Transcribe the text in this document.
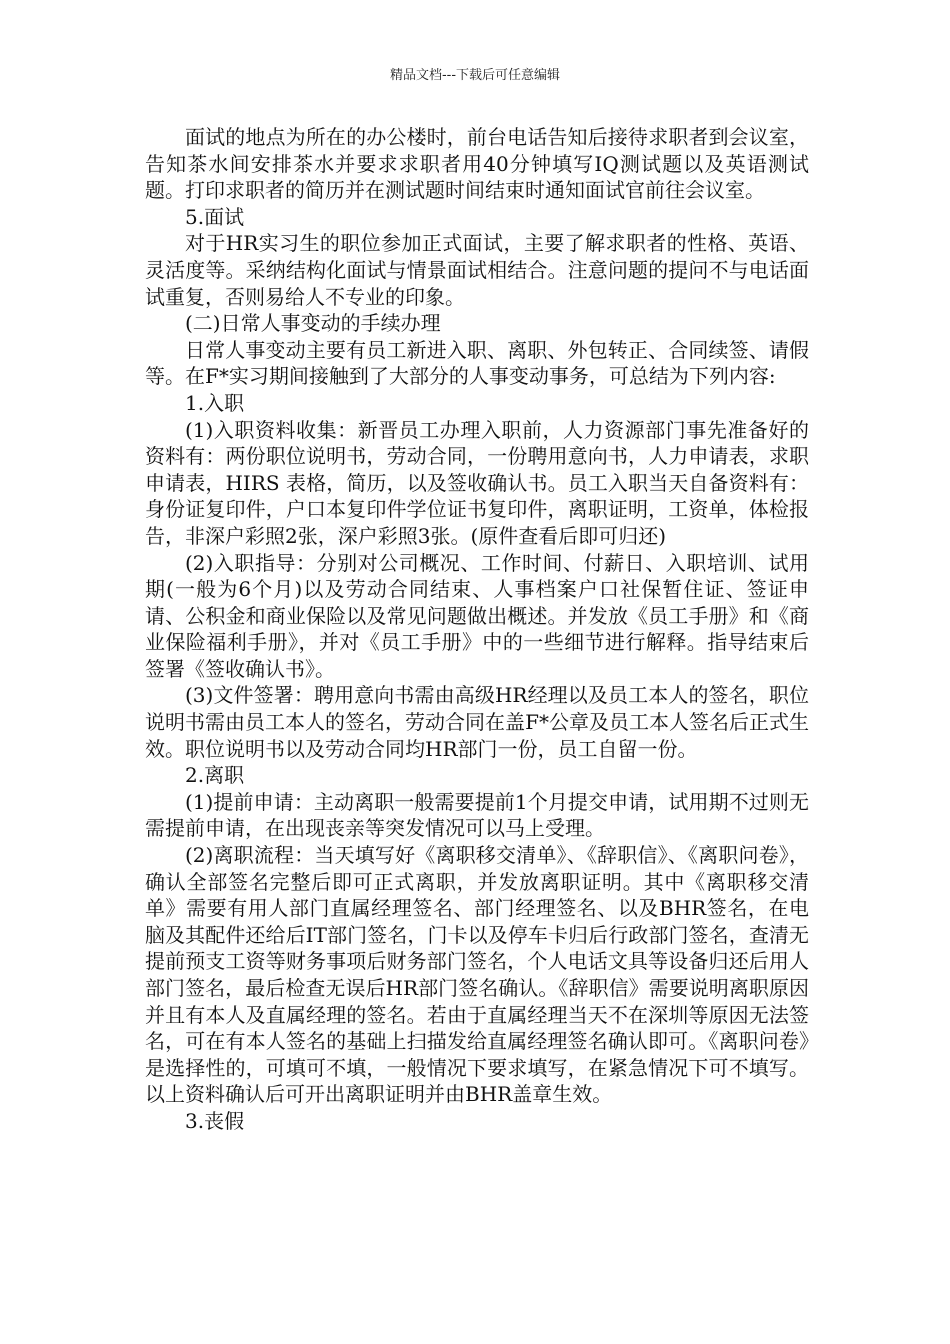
精品文档---下载后可任意编辑

面试的地点为所在的办公楼时，前台电话告知后接待求职者到会议室，告知茶水间安排茶水并要求求职者用40分钟填写IQ测试题以及英语测试题。打印求职者的简历并在测试题时间结束时通知面试官前往会议室。

5.面试

对于HR实习生的职位参加正式面试，主要了解求职者的性格、英语、灵活度等。采纳结构化面试与情景面试相结合。注意问题的提问不与电话面试重复，否则易给人不专业的印象。

(二)日常人事变动的手续办理

日常人事变动主要有员工新进入职、离职、外包转正、合同续签、请假等。在F*实习期间接触到了大部分的人事变动事务，可总结为下列内容:

1.入职

(1)入职资料收集：新晋员工办理入职前，人力资源部门事先准备好的资料有：两份职位说明书，劳动合同，一份聘用意向书，人力申请表，求职申请表，HIRS 表格，简历，以及签收确认书。员工入职当天自备资料有：身份证复印件，户口本复印件学位证书复印件，离职证明，工资单，体检报告，非深户彩照2张，深户彩照3张。(原件查看后即可归还)

(2)入职指导：分别对公司概况、工作时间、付薪日、入职培训、试用期(一般为6个月)以及劳动合同结束、人事档案户口社保暂住证、签证申请、公积金和商业保险以及常见问题做出概述。并发放《员工手册》和《商业保险福利手册》，并对《员工手册》中的一些细节进行解释。指导结束后签署《签收确认书》。

(3)文件签署：聘用意向书需由高级HR经理以及员工本人的签名，职位说明书需由员工本人的签名，劳动合同在盖F*公章及员工本人签名后正式生效。职位说明书以及劳动合同均HR部门一份，员工自留一份。

2.离职

(1)提前申请：主动离职一般需要提前1个月提交申请，试用期不过则无需提前申请，在出现丧亲等突发情况可以马上受理。

(2)离职流程：当天填写好《离职移交清单》、《辞职信》、《离职问卷》，确认全部签名完整后即可正式离职，并发放离职证明。其中《离职移交清单》需要有用人部门直属经理签名、部门经理签名、以及BHR签名，在电脑及其配件还给后IT部门签名，门卡以及停车卡归后行政部门签名，查清无提前预支工资等财务事项后财务部门签名，个人电话文具等设备归还后用人部门签名，最后检查无误后HR部门签名确认。《辞职信》需要说明离职原因并且有本人及直属经理的签名。若由于直属经理当天不在深圳等原因无法签名，可在有本人签名的基础上扫描发给直属经理签名确认即可。《离职问卷》是选择性的，可填可不填，一般情况下要求填写，在紧急情况下可不填写。以上资料确认后可开出离职证明并由BHR盖章生效。

3.丧假
